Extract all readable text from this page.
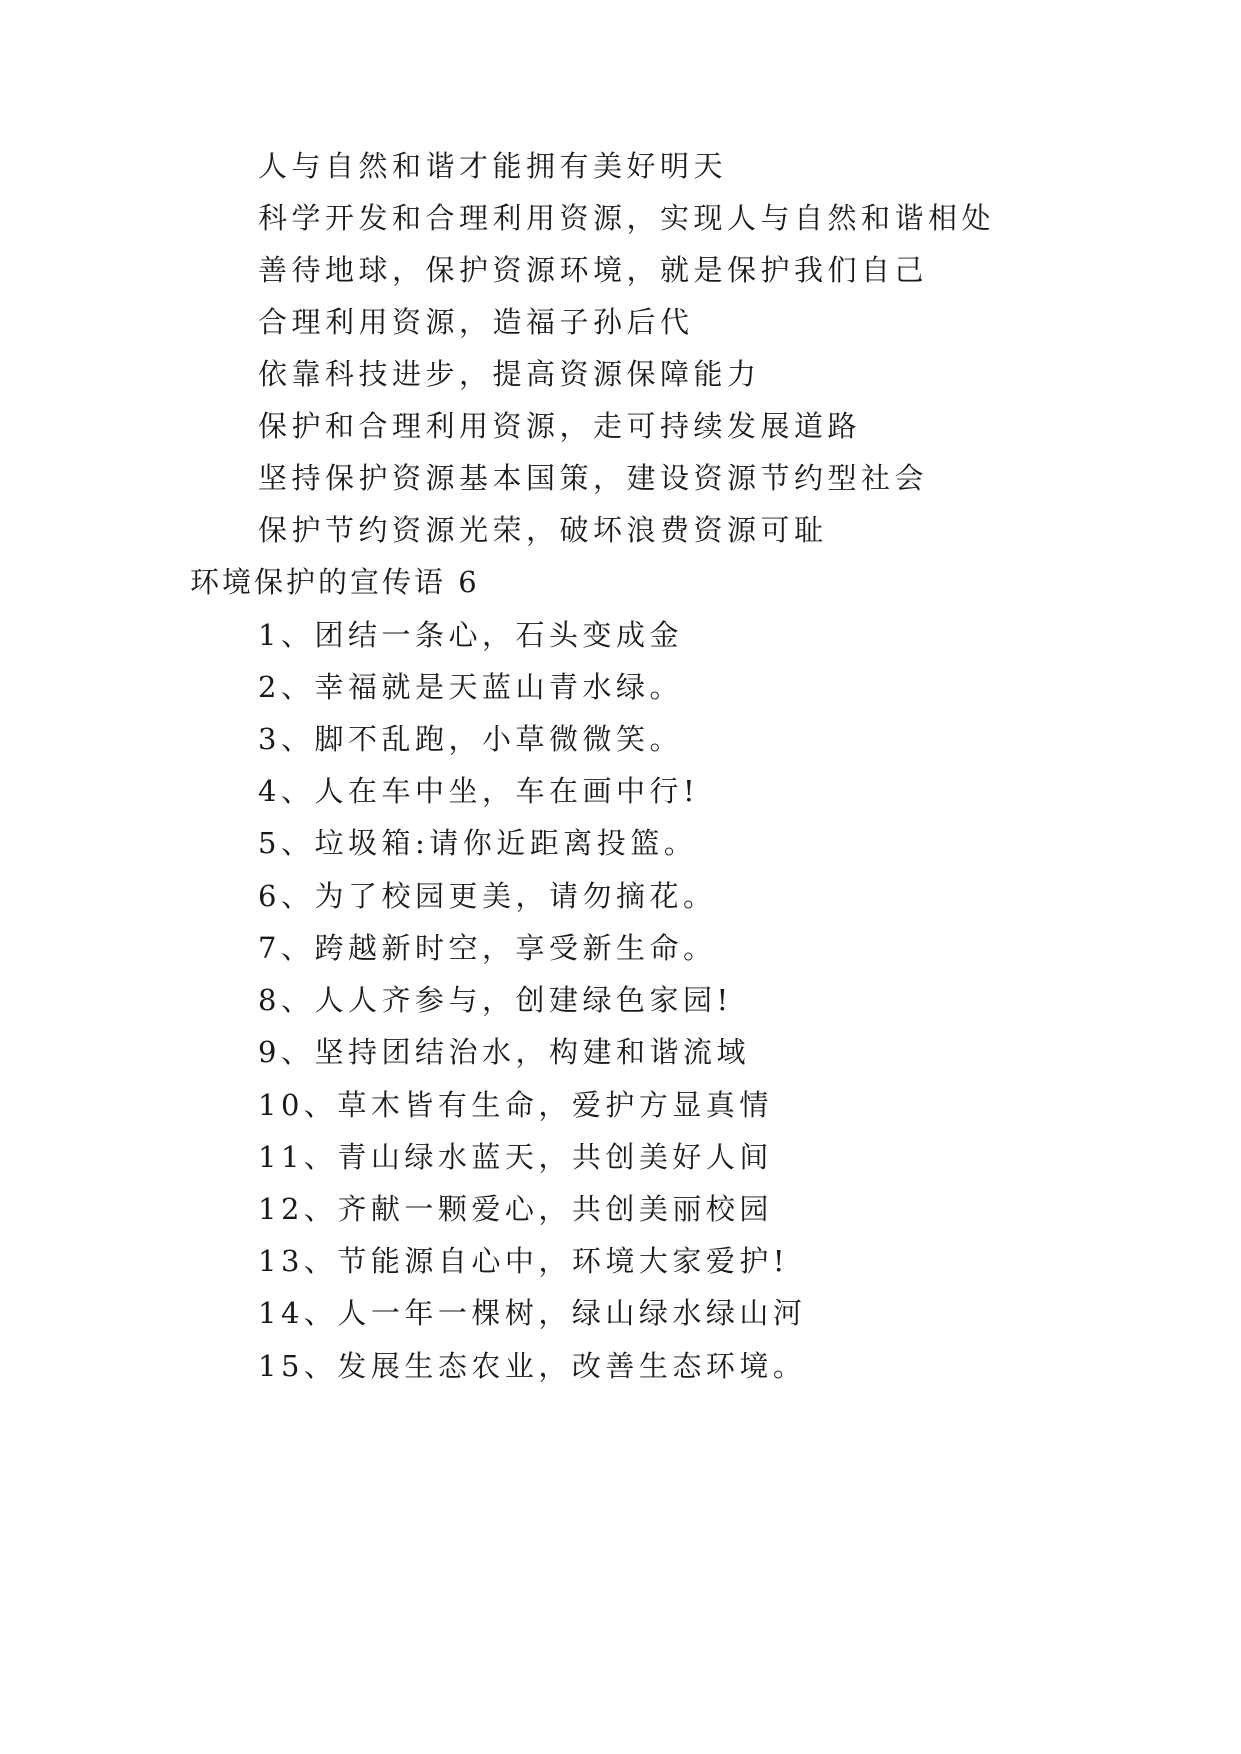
人与自然和谐才能拥有美好明天
科学开发和合理利用资源，实现人与自然和谐相处
善待地球，保护资源环境，就是保护我们自己
合理利用资源，造福子孙后代
依靠科技进步，提高资源保障能力
保护和合理利用资源，走可持续发展道路
坚持保护资源基本国策，建设资源节约型社会
保护节约资源光荣，破坏浪费资源可耻
环境保护的宣传语 6
1、团结一条心，石头变成金
2、幸福就是天蓝山青水绿。
3、脚不乱跑，小草微微笑。
4、人在车中坐，车在画中行!
5、垃圾箱:请你近距离投篮。
6、为了校园更美，请勿摘花。
7、跨越新时空，享受新生命。
8、人人齐参与，创建绿色家园!
9、坚持团结治水，构建和谐流域
10、草木皆有生命，爱护方显真情
11、青山绿水蓝天，共创美好人间
12、齐献一颗爱心，共创美丽校园
13、节能源自心中，环境大家爱护!
14、人一年一棵树，绿山绿水绿山河
15、发展生态农业，改善生态环境。
